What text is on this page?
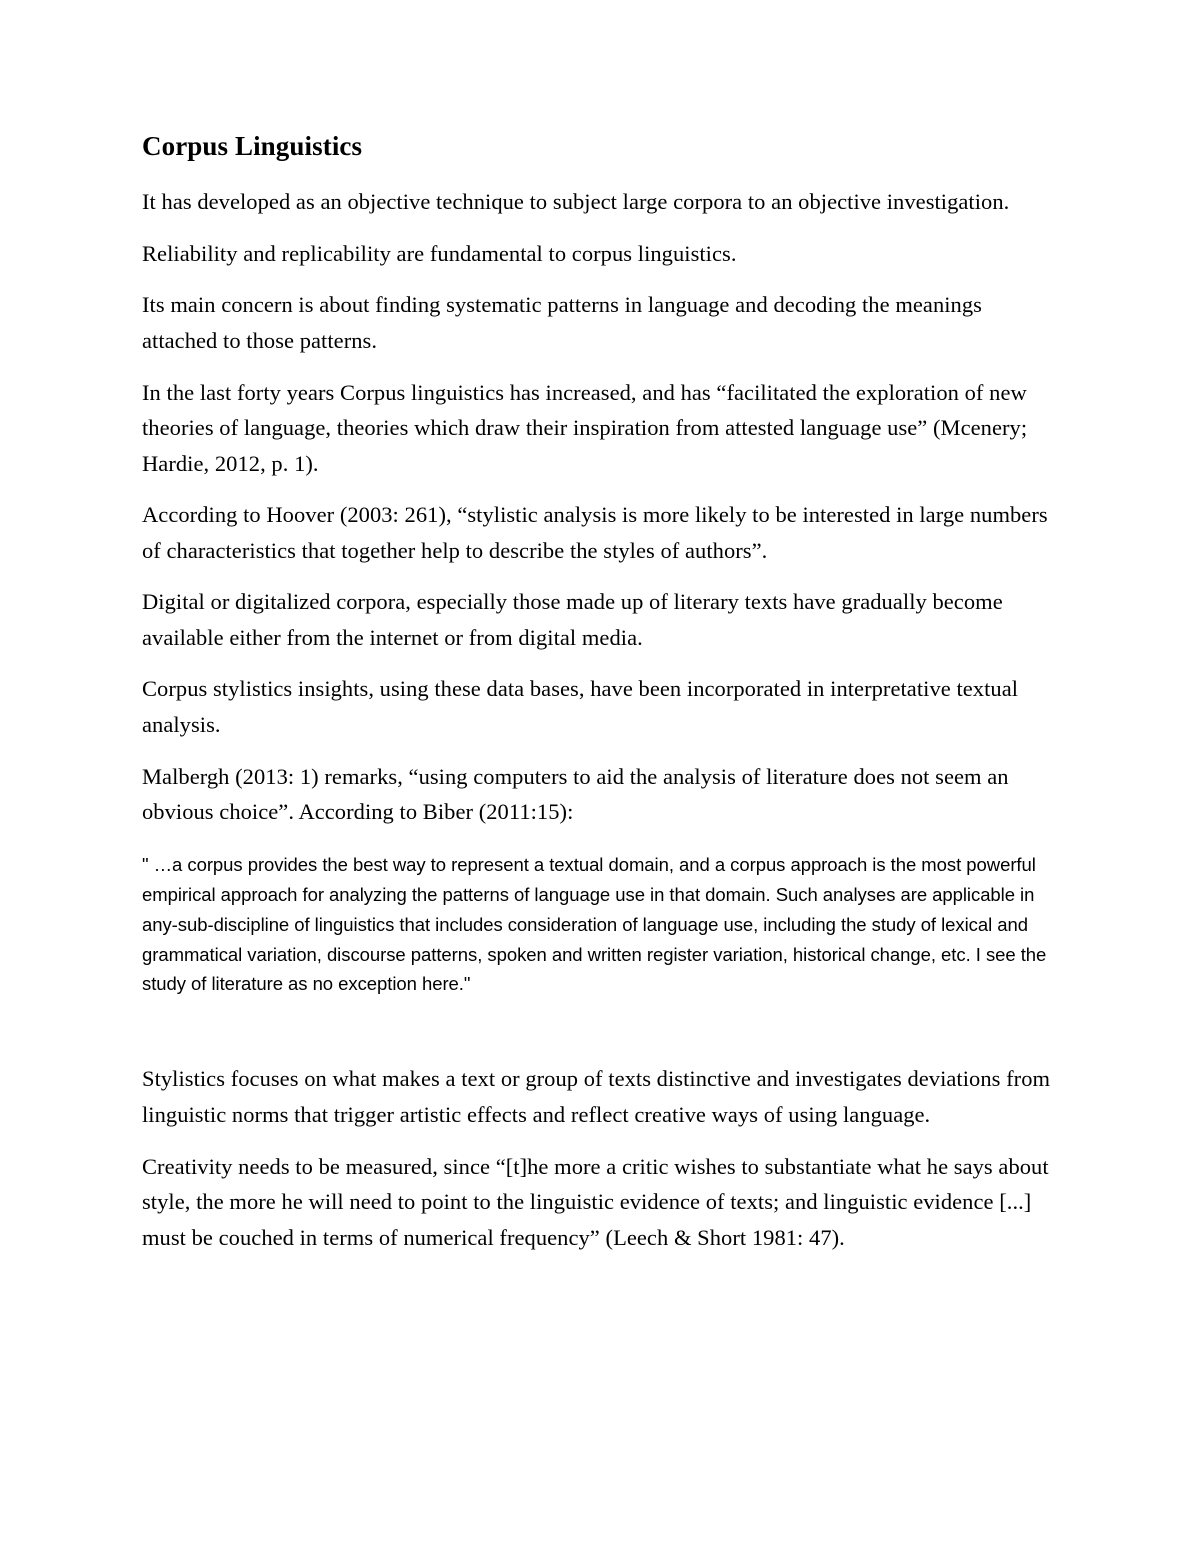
Corpus Linguistics

It has developed as an objective technique to subject large corpora to an objective investigation.

Reliability and replicability are fundamental to corpus linguistics.

Its main concern is about finding systematic patterns in language and decoding the meanings attached to those patterns.

In the last forty years Corpus linguistics has increased, and has “facilitated the exploration of new theories of language, theories which draw their inspiration from attested language use” (Mcenery; Hardie, 2012, p. 1).

According to Hoover (2003: 261), “stylistic analysis is more likely to be interested in large numbers of characteristics that together help to describe the styles of authors”.

Digital or digitalized corpora, especially those made up of literary texts have gradually become available either from the internet or from digital media.

Corpus stylistics insights, using these data bases, have been incorporated in interpretative textual analysis.

Malbergh (2013: 1) remarks, “using computers to aid the analysis of literature does not seem an obvious choice”. According to Biber (2011:15):

" …a corpus provides the best way to represent a textual domain, and a corpus approach is the most powerful empirical approach for analyzing the patterns of language use in that domain. Such analyses are applicable in any-sub-discipline of linguistics that includes consideration of language use, including the study of lexical and grammatical variation, discourse patterns, spoken and written register variation, historical change, etc. I see the study of literature as no exception here."

Stylistics focuses on what makes a text or group of texts distinctive and investigates deviations from linguistic norms that trigger artistic effects and reflect creative ways of using language.

Creativity needs to be measured, since “[t]he more a critic wishes to substantiate what he says about style, the more he will need to point to the linguistic evidence of texts; and linguistic evidence [...] must be couched in terms of numerical frequency” (Leech & Short 1981: 47).
